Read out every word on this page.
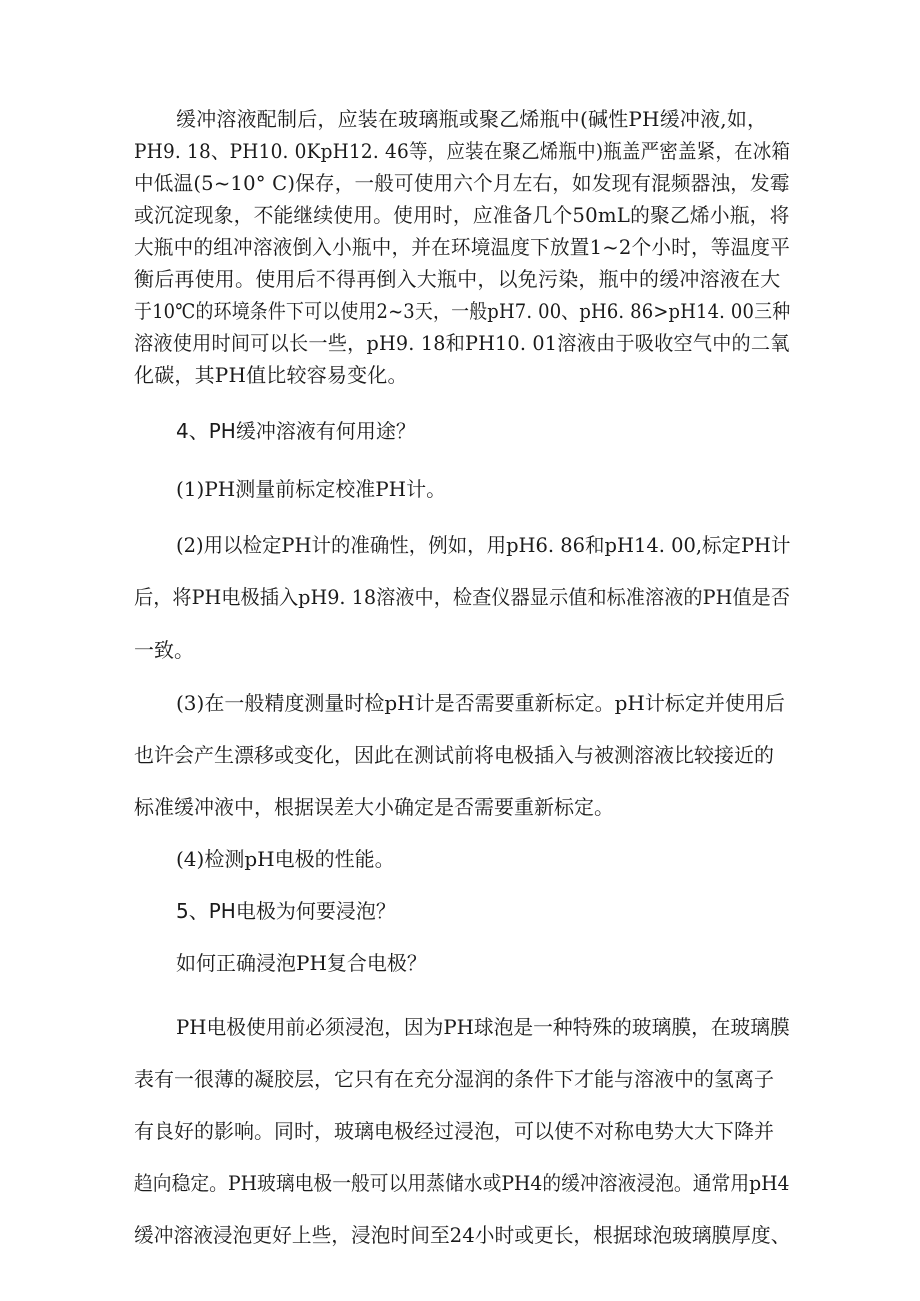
缓冲溶液配制后，应装在玻璃瓶或聚乙烯瓶中(碱性PH缓冲液,如，

PH9. 18、PH10. 0KpH12. 46等，应装在聚乙烯瓶中)瓶盖严密盖紧，在冰箱

中低温(5~10° C)保存，一般可使用六个月左右，如发现有混频器浊，发霉

或沉淀现象，不能继续使用。使用时，应准备几个50mL的聚乙烯小瓶，将

大瓶中的组冲溶液倒入小瓶中，并在环境温度下放置1~2个小时，等温度平

衡后再使用。使用后不得再倒入大瓶中，以免污染，瓶中的缓冲溶液在大

于10℃的环境条件下可以使用2~3天，一般pH7. 00、pH6. 86>pH14. 00三种

溶液使用时间可以长一些，pH9. 18和PH10. 01溶液由于吸收空气中的二氧

化碳，其PH值比较容易变化。

4、PH缓冲溶液有何用途？

(1)PH测量前标定校准PH计。

(2)用以检定PH计的准确性，例如，用pH6. 86和pH14. 00,标定PH计

后，将PH电极插入pH9. 18溶液中，检查仪器显示值和标准溶液的PH值是否

一致。

(3)在一般精度测量时检pH计是否需要重新标定。pH计标定并使用后

也许会产生漂移或变化，因此在测试前将电极插入与被测溶液比较接近的

标准缓冲液中，根据误差大小确定是否需要重新标定。

(4)检测pH电极的性能。

5、PH电极为何要浸泡？

如何正确浸泡PH复合电极？

PH电极使用前必须浸泡，因为PH球泡是一种特殊的玻璃膜，在玻璃膜

表有一很薄的凝胶层，它只有在充分湿润的条件下才能与溶液中的氢离子

有良好的影响。同时，玻璃电极经过浸泡，可以使不对称电势大大下降并

趋向稳定。PH玻璃电极一般可以用蒸储水或PH4的缓冲溶液浸泡。通常用pH4

缓冲溶液浸泡更好上些，浸泡时间至24小时或更长，根据球泡玻璃膜厚度、
